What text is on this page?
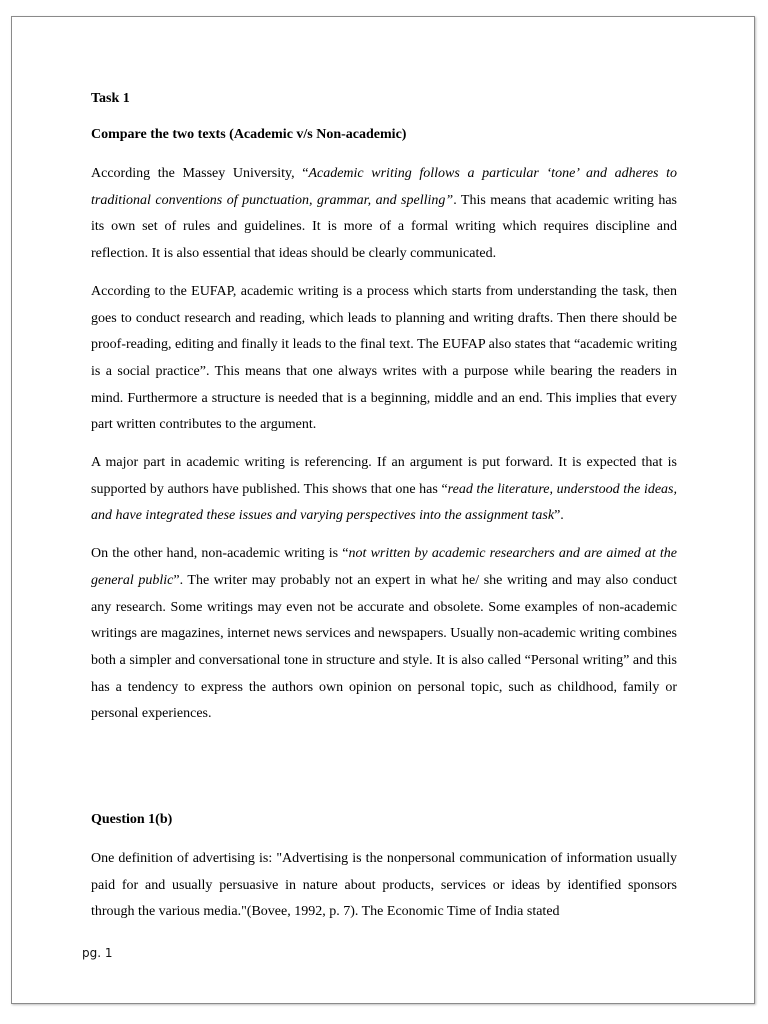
Task 1
Compare the two texts (Academic v/s Non-academic)

According the Massey University, “Academic writing follows a particular ‘tone’ and adheres to traditional conventions of punctuation, grammar, and spelling”. This means that academic writing has its own set of rules and guidelines. It is more of a formal writing which requires discipline and reflection. It is also essential that ideas should be clearly communicated.

According to the EUFAP, academic writing is a process which starts from understanding the task, then goes to conduct research and reading, which leads to planning and writing drafts. Then there should be proof-reading, editing and finally it leads to the final text. The EUFAP also states that “academic writing is a social practice”. This means that one always writes with a purpose while bearing the readers in mind. Furthermore a structure is needed that is a beginning, middle and an end. This implies that every part written contributes to the argument.

A major part in academic writing is referencing. If an argument is put forward. It is expected that is supported by authors have published. This shows that one has “read the literature, understood the ideas, and have integrated these issues and varying perspectives into the assignment task”.

On the other hand, non-academic writing is “not written by academic researchers and are aimed at the general public”. The writer may probably not an expert in what he/ she writing and may also conduct any research. Some writings may even not be accurate and obsolete. Some examples of non-academic writings are magazines, internet news services and newspapers. Usually non-academic writing combines both a simpler and conversational tone in structure and style. It is also called “Personal writing” and this has a tendency to express the authors own opinion on personal topic, such as childhood, family or personal experiences.

Question 1(b)

One definition of advertising is: "Advertising is the nonpersonal communication of information usually paid for and usually persuasive in nature about products, services or ideas by identified sponsors through the various media."(Bovee, 1992, p. 7). The Economic Time of India stated

pg. 1
